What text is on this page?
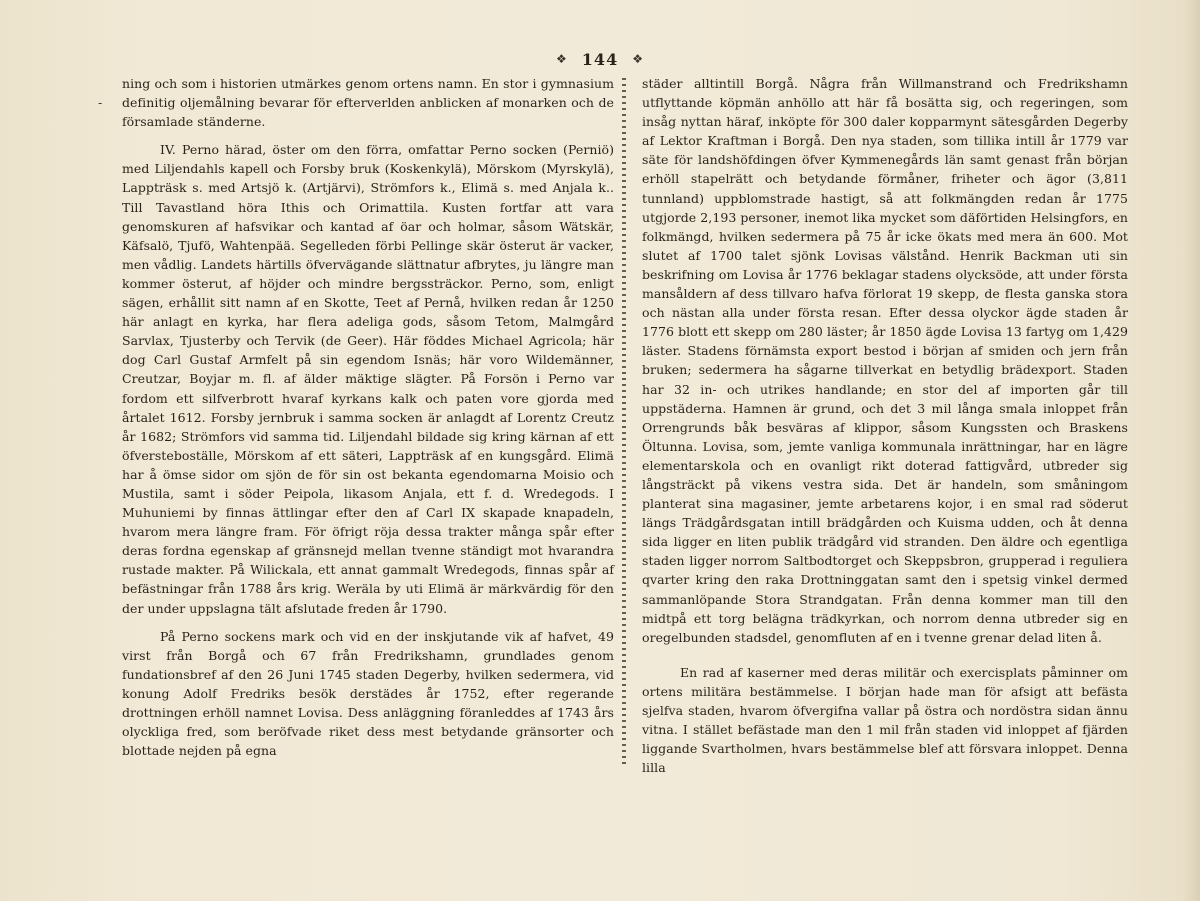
❖ 144 ❖
-

ning och som i historien utmärkes genom ortens namn. En stor i gymnasium definitig oljemålning bevarar för efterverlden anblicken af monarken och de församlade ständerne.

IV. Perno härad, öster om den förra, omfattar Perno socken (Perniö) med Liljendahls kapell och Forsby bruk (Koskenkylä), Mörskom (Myrskylä), Lappträsk s. med Artsjö k. (Artjärvi), Strömfors k., Elimä s. med Anjala k.. Till Tavastland höra Ithis och Orimattila. Kusten fortfar att vara genomskuren af hafsvikar och kantad af öar och holmar, såsom Wätskär, Käfsalö, Tjufö, Wahtenpää. Segelleden förbi Pellinge skär österut är vacker, men vådlig. Landets härtills öfvervägande slättnatur afbrytes, ju längre man kommer österut, af höjder och mindre bergssträckor. Perno, som, enligt sägen, erhållit sitt namn af en Skotte, Teet af Pernå, hvilken redan år 1250 här anlagt en kyrka, har flera adeliga gods, såsom Tetom, Malmgård Sarvlax, Tjusterby och Tervik (de Geer). Här föddes Michael Agricola; här dog Carl Gustaf Armfelt på sin egendom Isnäs; här voro Wildemänner, Creutzar, Boyjar m. fl. af älder mäktige slägter. På Forsön i Perno var fordom ett silfverbrott hvaraf kyrkans kalk och paten vore gjorda med årtalet 1612. Forsby jernbruk i samma socken är anlagdt af Lorentz Creutz år 1682; Strömfors vid samma tid. Liljendahl bildade sig kring kärnan af ett öfversteboställe, Mörskom af ett säteri, Lappträsk af en kungsgård. Elimä har å ömse sidor om sjön de för sin ost bekanta egendomarna Moisio och Mustila, samt i söder Peipola, likasom Anjala, ett f. d. Wredegods. I Muhuniemi by finnas ättlingar efter den af Carl IX skapade knapadeln, hvarom mera längre fram. För öfrigt röja dessa trakter många spår efter deras fordna egenskap af gränsnejd mellan tvenne ständigt mot hvarandra rustade makter. På Wilickala, ett annat gammalt Wredegods, finnas spår af befästningar från 1788 års krig. Weräla by uti Elimä är märkvärdig för den der under uppslagna tält afslutade freden år 1790.

På Perno sockens mark och vid en der inskjutande vik af hafvet, 49 virst från Borgå och 67 från Fredrikshamn, grundlades genom fundationsbref af den 26 Juni 1745 staden Degerby, hvilken sedermera, vid konung Adolf Fredriks besök derstädes år 1752, efter regerande drottningen erhöll namnet Lovisa. Dess anläggning föranleddes af 1743 års olyckliga fred, som beröfvade riket dess mest betydande gränsorter och blottade nejden på egna

städer alltintill Borgå. Några från Willmanstrand och Fredrikshamn utflyttande köpmän anhöllo att här få bosätta sig, och regeringen, som insåg nyttan häraf, inköpte för 300 daler kopparmynt sätesgården Degerby af Lektor Kraftman i Borgå. Den nya staden, som tillika intill år 1779 var säte för landshöfdingen öfver Kymmenegårds län samt genast från början erhöll stapelrätt och betydande förmåner, friheter och ägor (3,811 tunnland) uppblomstrade hastigt, så att folkmängden redan år 1775 utgjorde 2,193 personer, inemot lika mycket som däförtiden Helsingfors, en folkmängd, hvilken sedermera på 75 år icke ökats med mera än 600. Mot slutet af 1700 talet sjönk Lovisas välstånd. Henrik Backman uti sin beskrifning om Lovisa år 1776 beklagar stadens olycksöde, att under första mansåldern af dess tillvaro hafva förlorat 19 skepp, de flesta ganska stora och nästan alla under första resan. Efter dessa olyckor ägde staden år 1776 blott ett skepp om 280 läster; år 1850 ägde Lovisa 13 fartyg om 1,429 läster. Stadens förnämsta export bestod i början af smiden och jern från bruken; sedermera ha sågarne tillverkat en betydlig brädexport. Staden har 32 in- och utrikes handlande; en stor del af importen går till uppstäderna. Hamnen är grund, och det 3 mil långa smala inloppet från Orrengrunds båk besväras af klippor, såsom Kungssten och Braskens Öltunna. Lovisa, som, jemte vanliga kommunala inrättningar, har en lägre elementarskola och en ovanligt rikt doterad fattigvård, utbreder sig långsträckt på vikens vestra sida. Det är handeln, som småningom planterat sina magasiner, jemte arbetarens kojor, i en smal rad söderut längs Trädgårdsgatan intill brädgården och Kuisma udden, och åt denna sida ligger en liten publik trädgård vid stranden. Den äldre och egentliga staden ligger norrom Saltbodtorget och Skeppsbron, grupperad i reguliera qvarter kring den raka Drottninggatan samt den i spetsig vinkel dermed sammanlöpande Stora Strandgatan. Från denna kommer man till den midtpå ett torg belägna trädkyrkan, och norrom denna utbreder sig en oregelbunden stadsdel, genomfluten af en i tvenne grenar delad liten å.

En rad af kaserner med deras militär och exercisplats påminner om ortens militära bestämmelse. I början hade man för afsigt att befästa sjelfva staden, hvarom öfvergifna vallar på östra och nordöstra sidan ännu vitna. I stället befästade man den 1 mil från staden vid inloppet af fjärden liggande Svartholmen, hvars bestämmelse blef att försvara inloppet. Denna lilla
